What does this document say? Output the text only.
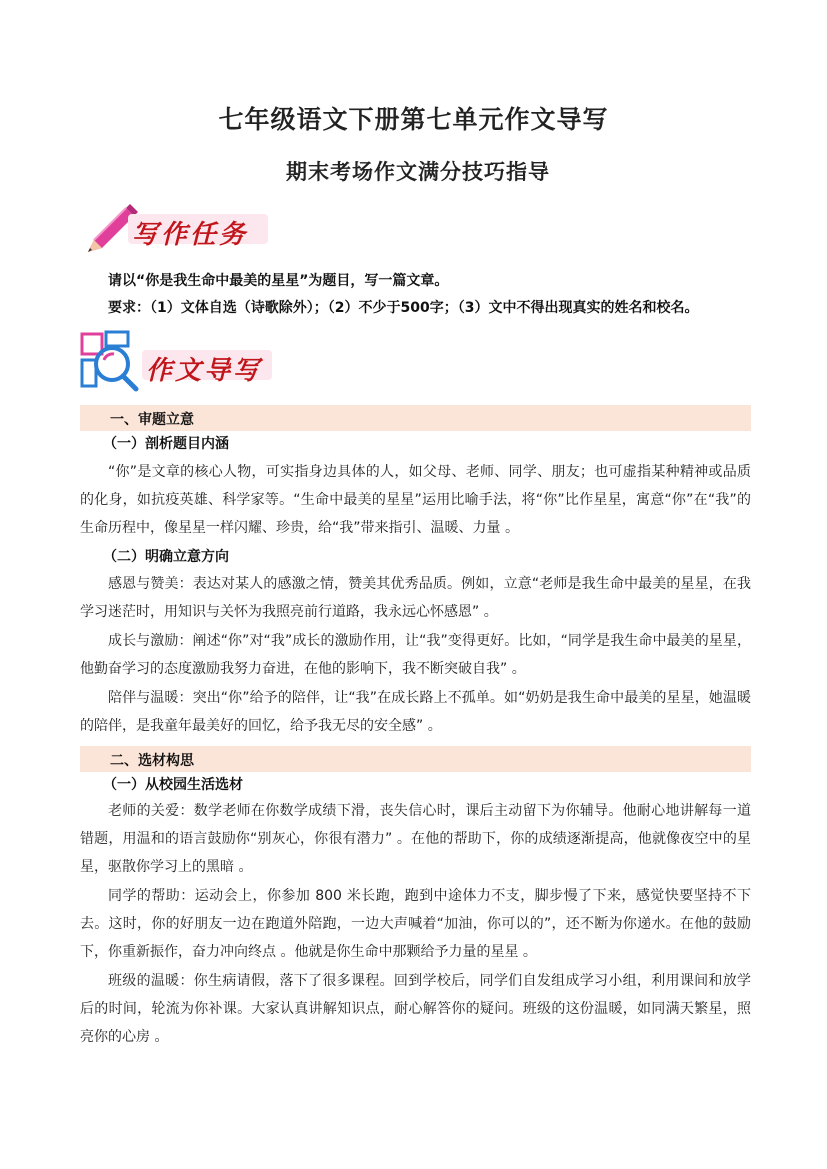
七年级语文下册第七单元作文导写
期末考场作文满分技巧指导
写作任务
请以“你是我生命中最美的星星”为题目，写一篇文章。
要求：（1）文体自选（诗歌除外）；（2）不少于500字；（3）文中不得出现真实的姓名和校名。
作文导写
一、审题立意
（一）剖析题目内涵

“你”是文章的核心人物，可实指身边具体的人，如父母、老师、同学、朋友；也可虚指某种精神或品质的化身，如抗疫英雄、科学家等。“生命中最美的星星”运用比喻手法，将“你”比作星星，寓意“你”在“我”的生命历程中，像星星一样闪耀、珍贵，给“我”带来指引、温暖、力量 。

（二）明确立意方向

感恩与赞美：表达对某人的感激之情，赞美其优秀品质。例如，立意“老师是我生命中最美的星星，在我学习迷茫时，用知识与关怀为我照亮前行道路，我永远心怀感恩” 。

成长与激励：阐述“你”对“我”成长的激励作用，让“我”变得更好。比如，“同学是我生命中最美的星星，他勤奋学习的态度激励我努力奋进，在他的影响下，我不断突破自我” 。

陪伴与温暖：突出“你”给予的陪伴，让“我”在成长路上不孤单。如“奶奶是我生命中最美的星星，她温暖的陪伴，是我童年最美好的回忆，给予我无尽的安全感” 。

二、选材构思
（一）从校园生活选材

老师的关爱：数学老师在你数学成绩下滑，丧失信心时，课后主动留下为你辅导。他耐心地讲解每一道错题，用温和的语言鼓励你“别灰心，你很有潜力” 。在他的帮助下，你的成绩逐渐提高，他就像夜空中的星星，驱散你学习上的黑暗 。

同学的帮助：运动会上，你参加 800 米长跑，跑到中途体力不支，脚步慢了下来，感觉快要坚持不下去。这时，你的好朋友一边在跑道外陪跑，一边大声喊着“加油，你可以的”，还不断为你递水。在他的鼓励下，你重新振作，奋力冲向终点 。他就是你生命中那颗给予力量的星星 。

班级的温暖：你生病请假，落下了很多课程。回到学校后，同学们自发组成学习小组，利用课间和放学后的时间，轮流为你补课。大家认真讲解知识点，耐心解答你的疑问。班级的这份温暖，如同满天繁星，照亮你的心房 。
